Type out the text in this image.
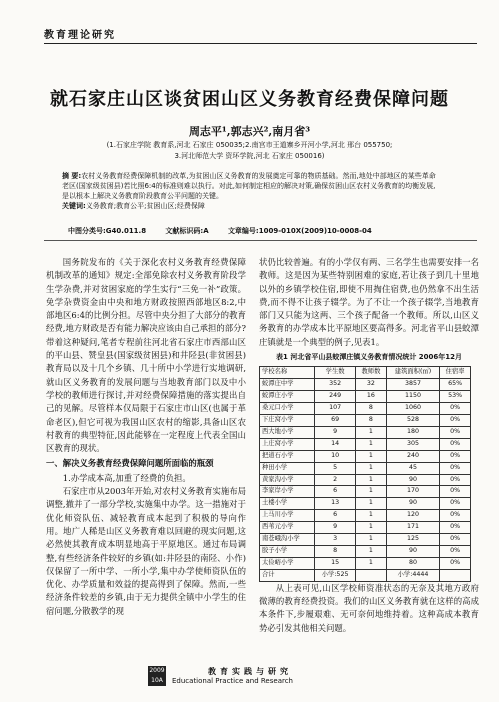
教育理论研究
就石家庄山区谈贫困山区义务教育经费保障问题
周志平¹,郭志兴²,南月省³
(1.石家庄学院 教育系,河北 石家庄 050035;2.南宫市王道寨乡开河小学,河北 邢台 055750;
3.河北师范大学 资环学院,河北 石家庄 050016)
摘 要:农村义务教育经费保障机制的改革,为贫困山区义务教育的发展奠定可靠的物质基础。然而,地处中部地区的某些革命老区(国家级贫困县)若比照6:4的标准则难以执行。对此,如何制定相应的解决对策,确保贫困山区农村义务教育的均衡发展,是以根本上解决义务教育阶段教育公平问题的关键。
关键词:义务教育;教育公平;贫困山区;经费保障
中图分类号:G40.011.8	文献标识码:A	文章编号:1009-010X(2009)10-0008-04

国务院发布的《关于深化农村义务教育经费保障机制改革的通知》规定:全部免除农村义务教育阶段学生学杂费,并对贫困家庭的学生实行“三免一补”政策。免学杂费资金由中央和地方财政按照西部地区8:2,中部地区6:4的比例分担。尽管中央分担了大部分的教育经费,地方财政是否有能力解决应该由自己承担的部分?带着这种疑问,笔者专程前往河北省石家庄市西部山区的平山县、赞皇县(国家级贫困县)和井陉县(非贫困县)教育局以及十几个乡镇、几十所中小学进行实地调研,就山区义务教育的发展问题与当地教育部门以及中小学校的教师进行探讨,并对经费保障措施的落实提出自己的见解。尽管样本仅局限于石家庄市山区(也属于革命老区),但它可视为我国山区农村的缩影,具备山区农村教育的典型特征,因此能够在一定程度上代表全国山区教育的现状。

一、解决义务教育经费保障问题所面临的瓶颈

1.办学成本高,加重了经费的负担。

石家庄市从2003年开始,对农村义务教育实施布局调整,撤并了一部分学校,实施集中办学。这一措施对于优化师资队伍、减轻教育成本起到了积极的导向作用。地广人稀是山区义务教育难以回避的现实问题,这必然使其教育成本明显地高于平原地区。通过布局调整,有些经济条件较好的乡镇(如:井陉县的南陉、小作)仅保留了一所中学、一所小学,集中办学使师资队伍的优化、办学质量和效益的提高得到了保障。然而,一些经济条件较差的乡镇,由于无力提供全镇中小学生的住宿问题,分散教学的现

状仍比较普遍。有的小学仅有两、三名学生也需要安排一名教师。这是因为某些特别困难的家庭,若让孩子到几十里地以外的乡镇学校住宿,即使不用掏住宿费,也仍然拿不出生活费,而不得不让孩子辍学。为了不让一个孩子辍学,当地教育部门又只能为这两、三个孩子配备一个教师。所以,山区义务教育的办学成本比平原地区要高得多。河北省平山县蛟潭庄镇就是一个典型的例子,见表1。

表1 河北省平山县蛟潭庄镇义务教育情况统计 2006年12月
学校名称	学生数	教师数	建筑面积(㎡)	住宿率
蛟潭庄中学	352	32	3857	65%
蛟潭庄小学	249	16	1150	53%
桑元口小学	107	8	1060	0%
下庄窝小学	69	8	528	0%
西大地小学	9	1	180	0%
上庄窝小学	14	1	305	0%
把道石小学	10	1	240	0%
种田小学	5	1	45	0%
黄家沟小学	2	1	90	0%
李家岸小学	6	1	170	0%
土楼小学	13	1	90	0%
上马川小学	6	1	120	0%
西苇元小学	9	1	171	0%
南苍峨沟小学	3	1	125	0%
胶子小学	8	1	90	0%
太俭峪小学	15	1	80	0%
合计	小学:525		小学:4444	

从上表可见,山区学校师资准状态的无奈及其地方政府微薄的教育经费投资。我们的山区义务教育就在这样的高成本条件下,步履艰难、无可奈何地维持着。这种高成本教育势必引发其他相关问题。

2009 10A
教育实践与研究
Educational Practice and Research
